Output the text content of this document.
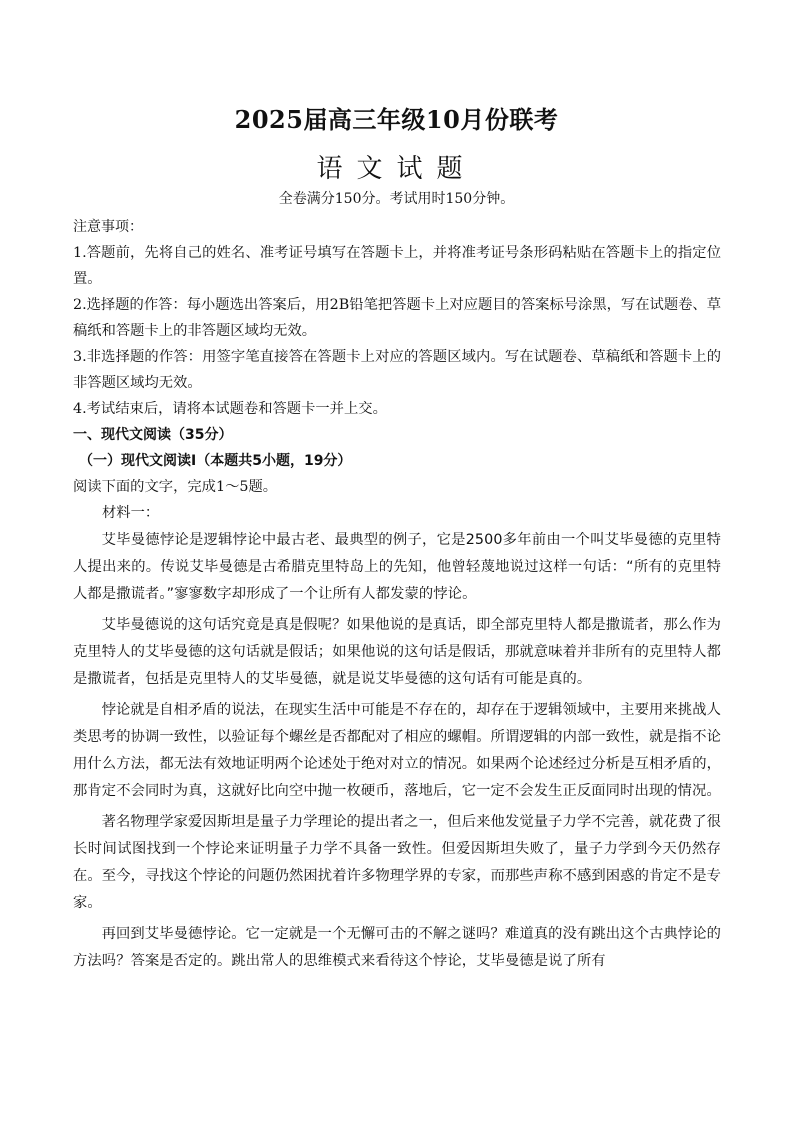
2025届高三年级10月份联考
语文试题
全卷满分150分。考试用时150分钟。
注意事项：

1.答题前，先将自己的姓名、准考证号填写在答题卡上，并将准考证号条形码粘贴在答题卡上的指定位置。

2.选择题的作答：每小题选出答案后，用2B铅笔把答题卡上对应题目的答案标号涂黑，写在试题卷、草稿纸和答题卡上的非答题区域均无效。

3.非选择题的作答：用签字笔直接答在答题卡上对应的答题区域内。写在试题卷、草稿纸和答题卡上的非答题区域均无效。

4.考试结束后，请将本试题卷和答题卡一并上交。

一、现代文阅读（35分）

（一）现代文阅读Ⅰ（本题共5小题，19分）

阅读下面的文字，完成1～5题。

材料一：

艾毕曼德悖论是逻辑悖论中最古老、最典型的例子，它是2500多年前由一个叫艾毕曼德的克里特人提出来的。传说艾毕曼德是古希腊克里特岛上的先知，他曾轻蔑地说过这样一句话：“所有的克里特人都是撒谎者。”寥寥数字却形成了一个让所有人都发蒙的悖论。

艾毕曼德说的这句话究竟是真是假呢？如果他说的是真话，即全部克里特人都是撒谎者，那么作为克里特人的艾毕曼德的这句话就是假话；如果他说的这句话是假话，那就意味着并非所有的克里特人都是撒谎者，包括是克里特人的艾毕曼德，就是说艾毕曼德的这句话有可能是真的。

悖论就是自相矛盾的说法，在现实生活中可能是不存在的，却存在于逻辑领域中，主要用来挑战人类思考的协调一致性，以验证每个螺丝是否都配对了相应的螺帽。所谓逻辑的内部一致性，就是指不论用什么方法，都无法有效地证明两个论述处于绝对对立的情况。如果两个论述经过分析是互相矛盾的，那肯定不会同时为真，这就好比向空中抛一枚硬币，落地后，它一定不会发生正反面同时出现的情况。

著名物理学家爱因斯坦是量子力学理论的提出者之一，但后来他发觉量子力学不完善，就花费了很长时间试图找到一个悖论来证明量子力学不具备一致性。但爱因斯坦失败了，量子力学到今天仍然存在。至今，寻找这个悖论的问题仍然困扰着许多物理学界的专家，而那些声称不感到困惑的肯定不是专家。

再回到艾毕曼德悖论。它一定就是一个无懈可击的不解之谜吗？难道真的没有跳出这个古典悖论的方法吗？答案是否定的。跳出常人的思维模式来看待这个悖论，艾毕曼德是说了所有
